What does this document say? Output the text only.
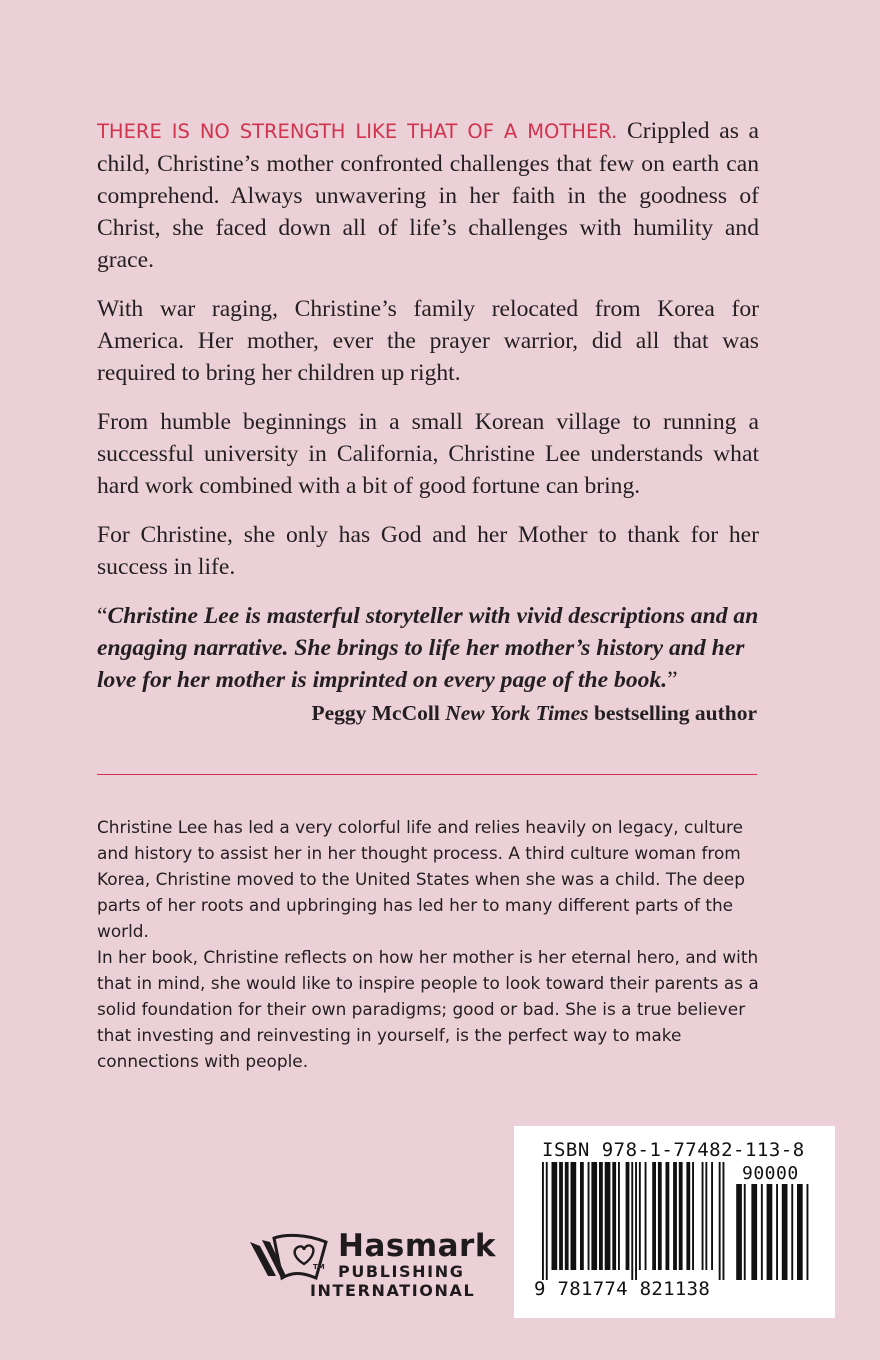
THERE IS NO STRENGTH LIKE THAT OF A MOTHER. Crippled as a child, Christine’s mother confronted challenges that few on earth can comprehend. Always unwavering in her faith in the goodness of Christ, she faced down all of life’s challenges with humility and grace.

With war raging, Christine’s family relocated from Korea for America. Her mother, ever the prayer warrior, did all that was required to bring her children up right.

From humble beginnings in a small Korean village to running a successful university in California, Christine Lee understands what hard work combined with a bit of good fortune can bring.

For Christine, she only has God and her Mother to thank for her success in life.

“Christine Lee is masterful storyteller with vivid descriptions and an engaging narrative. She brings to life her mother’s history and her love for her mother is imprinted on every page of the book.”
Peggy McColl New York Times bestselling author

Christine Lee has led a very colorful life and relies heavily on legacy, culture and history to assist her in her thought process. A third culture woman from Korea, Christine moved to the United States when she was a child. The deep parts of her roots and upbringing has led her to many different parts of the world.

In her book, Christine reflects on how her mother is her eternal hero, and with that in mind, she would like to inspire people to look toward their parents as a solid foundation for their own paradigms; good or bad. She is a true believer that investing and reinvesting in yourself, is the perfect way to make connections with people.

Hasmark
TM PUBLISHING
INTERNATIONAL
ISBN 978-1-77482-113-8
90000
9 781774 821138
